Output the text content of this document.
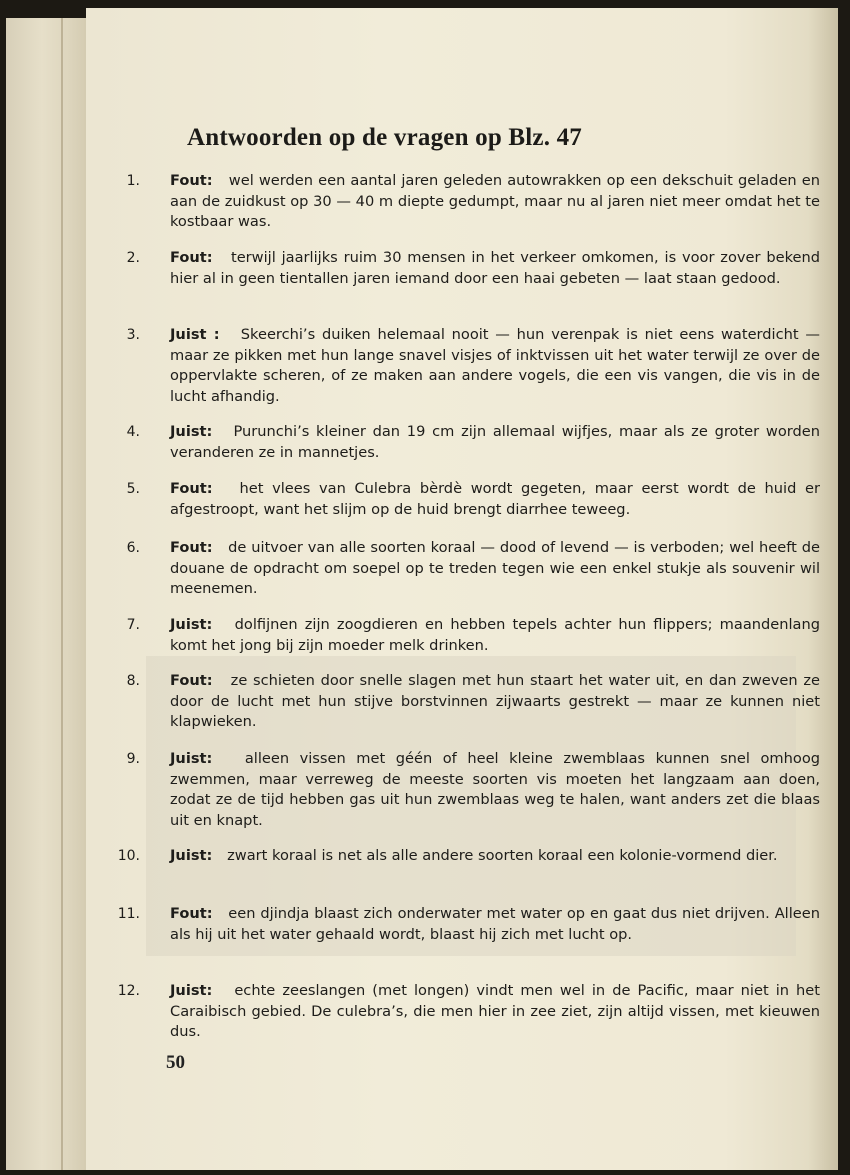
Antwoorden op de vragen op Blz. 47
1. Fout:   wel werden een aantal jaren geleden autowrakken op een dekschuit geladen en aan de zuidkust op 30 — 40 m diepte gedumpt, maar nu al jaren niet meer omdat het te kostbaar was.
2. Fout:   terwijl jaarlijks ruim 30 mensen in het verkeer omkomen, is voor zover bekend hier al in geen tientallen jaren iemand door een haai gebeten — laat staan gedood.
3. Juist :   Skeerchi’s duiken helemaal nooit — hun verenpak is niet eens waterdicht — maar ze pikken met hun lange snavel visjes of inktvissen uit het water terwijl ze over de oppervlakte scheren, of ze maken aan andere vogels, die een vis vangen, die vis in de lucht afhandig.
4. Juist:   Purunchi’s kleiner dan 19 cm zijn allemaal wijfjes, maar als ze groter worden veranderen ze in mannetjes.
5. Fout:   het vlees van Culebra bèrdè wordt gegeten, maar eerst wordt de huid er afgestroopt, want het slijm op de huid brengt diarrhee teweeg.
6. Fout:   de uitvoer van alle soorten koraal — dood of levend — is verboden; wel heeft de douane de opdracht om soepel op te treden tegen wie een enkel stukje als souvenir wil meenemen.
7. Juist:   dolfijnen zijn zoogdieren en hebben tepels achter hun flippers; maandenlang komt het jong bij zijn moeder melk drinken.
8. Fout:   ze schieten door snelle slagen met hun staart het water uit, en dan zweven ze door de lucht met hun stijve borstvinnen zijwaarts gestrekt — maar ze kunnen niet klapwieken.
9. Juist:   alleen vissen met géén of heel kleine zwemblaas kunnen snel omhoog zwemmen, maar verreweg de meeste soorten vis moeten het langzaam aan doen, zodat ze de tijd hebben gas uit hun zwemblaas weg te halen, want anders zet die blaas uit en knapt.
10. Juist:   zwart koraal is net als alle andere soorten koraal een kolonie-vormend dier.
11. Fout:   een djindja blaast zich onderwater met water op en gaat dus niet drijven. Alleen als hij uit het water gehaald wordt, blaast hij zich met lucht op.
12. Juist:   echte zeeslangen (met longen) vindt men wel in de Pacific, maar niet in het Caraibisch gebied. De culebra’s, die men hier in zee ziet, zijn altijd vissen, met kieuwen dus.
50
